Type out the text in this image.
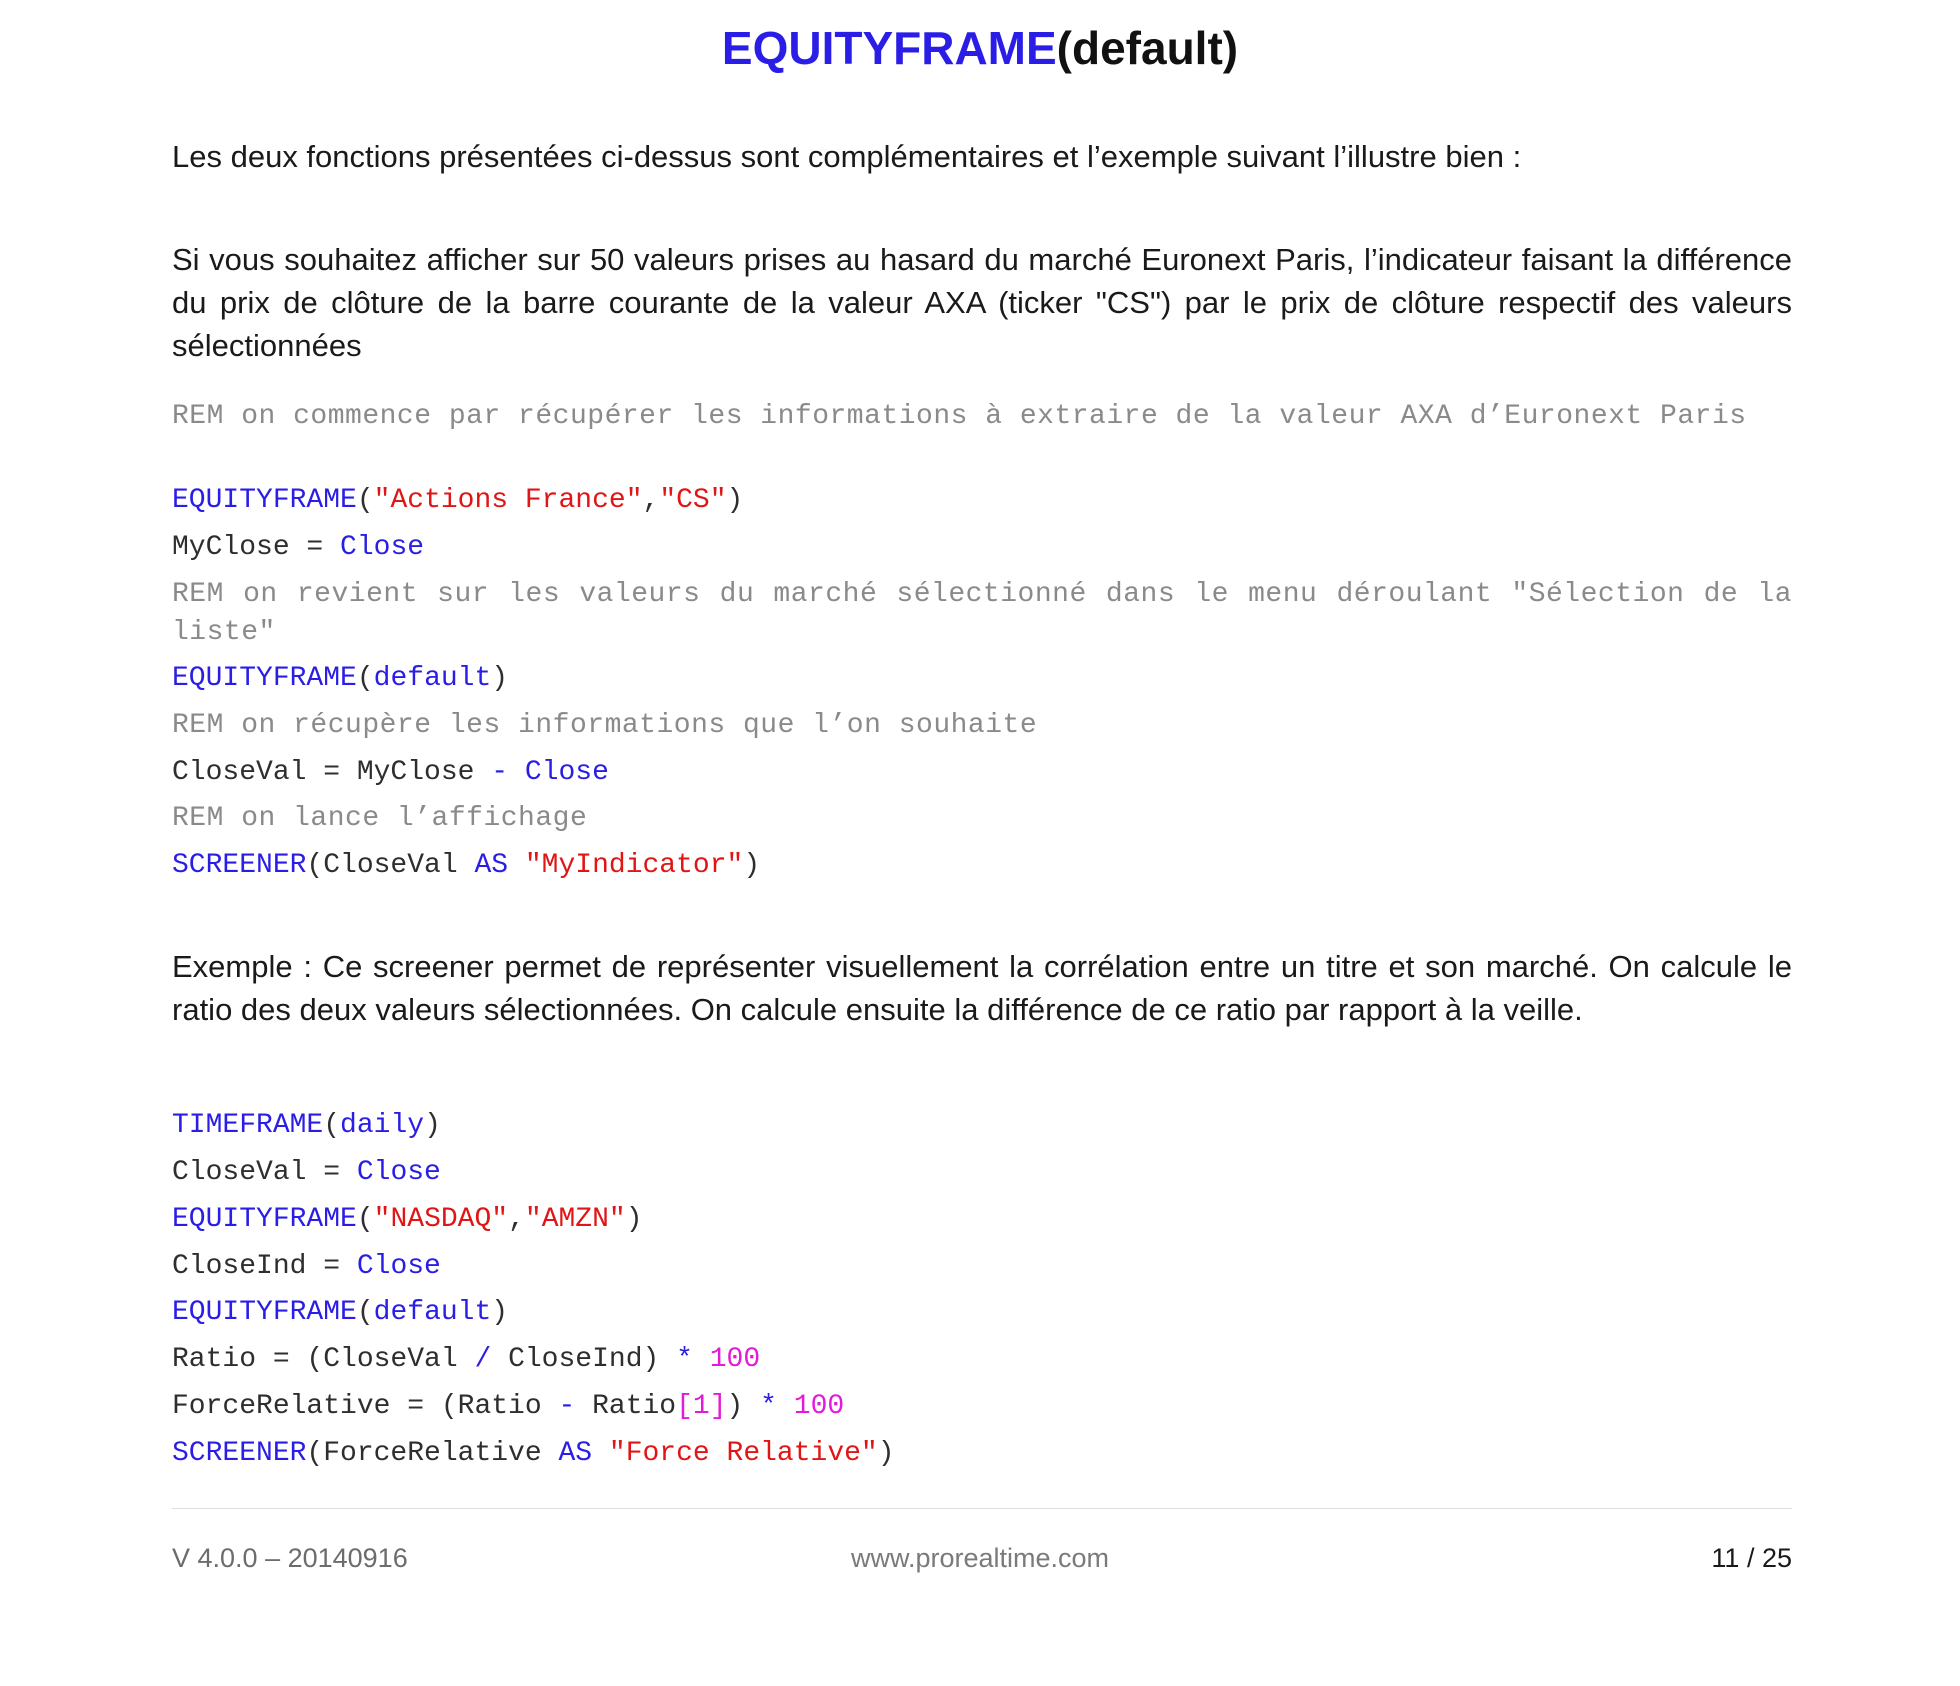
EQUITYFRAME(default)
Les deux fonctions présentées ci-dessus sont complémentaires et l’exemple suivant l’illustre bien :
Si vous souhaitez afficher sur 50 valeurs prises au hasard du marché Euronext Paris, l’indicateur faisant la différence du prix de clôture de la barre courante de la valeur AXA (ticker "CS") par le prix de clôture respectif des valeurs sélectionnées
REM on commence par récupérer les informations à extraire de la valeur AXA d’Euronext Paris
EQUITYFRAME("Actions France","CS")
MyClose = Close
REM on revient sur les valeurs du marché sélectionné dans le menu déroulant "Sélection de la liste"
EQUITYFRAME(default)
REM on récupère les informations que l’on souhaite
CloseVal = MyClose - Close
REM on lance l’affichage
SCREENER(CloseVal AS "MyIndicator")
Exemple : Ce screener permet de représenter visuellement la corrélation entre un titre et son marché. On calcule le ratio des deux valeurs sélectionnées. On calcule ensuite la différence de ce ratio par rapport à la veille.
TIMEFRAME(daily)
CloseVal = Close
EQUITYFRAME("NASDAQ","AMZN")
CloseInd = Close
EQUITYFRAME(default)
Ratio = (CloseVal / CloseInd) * 100
ForceRelative = (Ratio - Ratio[1]) * 100
SCREENER(ForceRelative AS "Force Relative")
V 4.0.0 – 20140916	www.prorealtime.com	11 / 25
